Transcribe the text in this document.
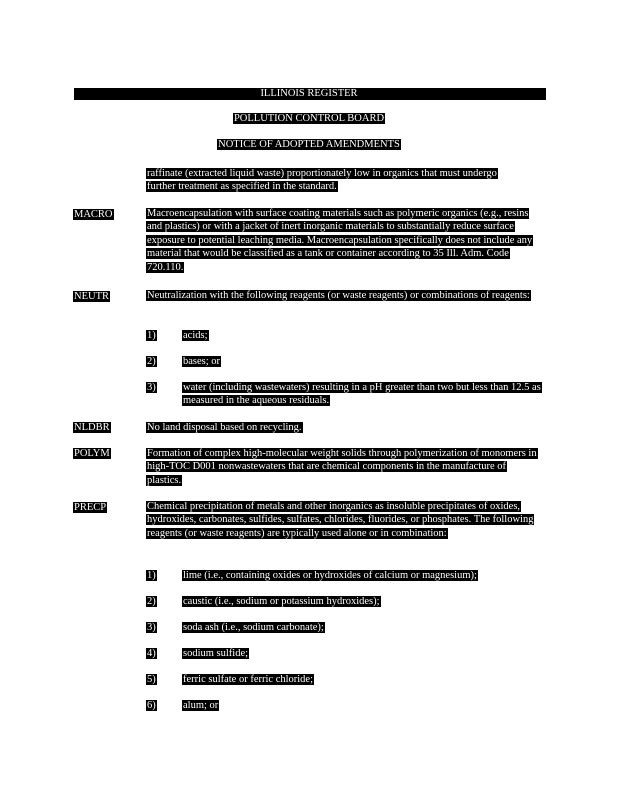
ILLINOIS REGISTER
POLLUTION CONTROL BOARD
NOTICE OF ADOPTED AMENDMENTS
raffinate (extracted liquid waste) proportionately low in organics that must undergo further treatment as specified in the standard.
MACRO	Macroencapsulation with surface coating materials such as polymeric organics (e.g., resins and plastics) or with a jacket of inert inorganic materials to substantially reduce surface exposure to potential leaching media. Macroencapsulation specifically does not include any material that would be classified as a tank or container according to 35 Ill. Adm. Code 720.110.
NEUTR	Neutralization with the following reagents (or waste reagents) or combinations of reagents:
1)	acids;
2)	bases; or
3)	water (including wastewaters) resulting in a pH greater than two but less than 12.5 as measured in the aqueous residuals.
NLDBR	No land disposal based on recycling.
POLYM	Formation of complex high-molecular weight solids through polymerization of monomers in high-TOC D001 nonwastewaters that are chemical components in the manufacture of plastics.
PRECP	Chemical precipitation of metals and other inorganics as insoluble precipitates of oxides, hydroxides, carbonates, sulfides, sulfates, chlorides, fluorides, or phosphates. The following reagents (or waste reagents) are typically used alone or in combination:
1)	lime (i.e., containing oxides or hydroxides of calcium or magnesium);
2)	caustic (i.e., sodium or potassium hydroxides);
3)	soda ash (i.e., sodium carbonate);
4)	sodium sulfide;
5)	ferric sulfate or ferric chloride;
6)	alum; or
